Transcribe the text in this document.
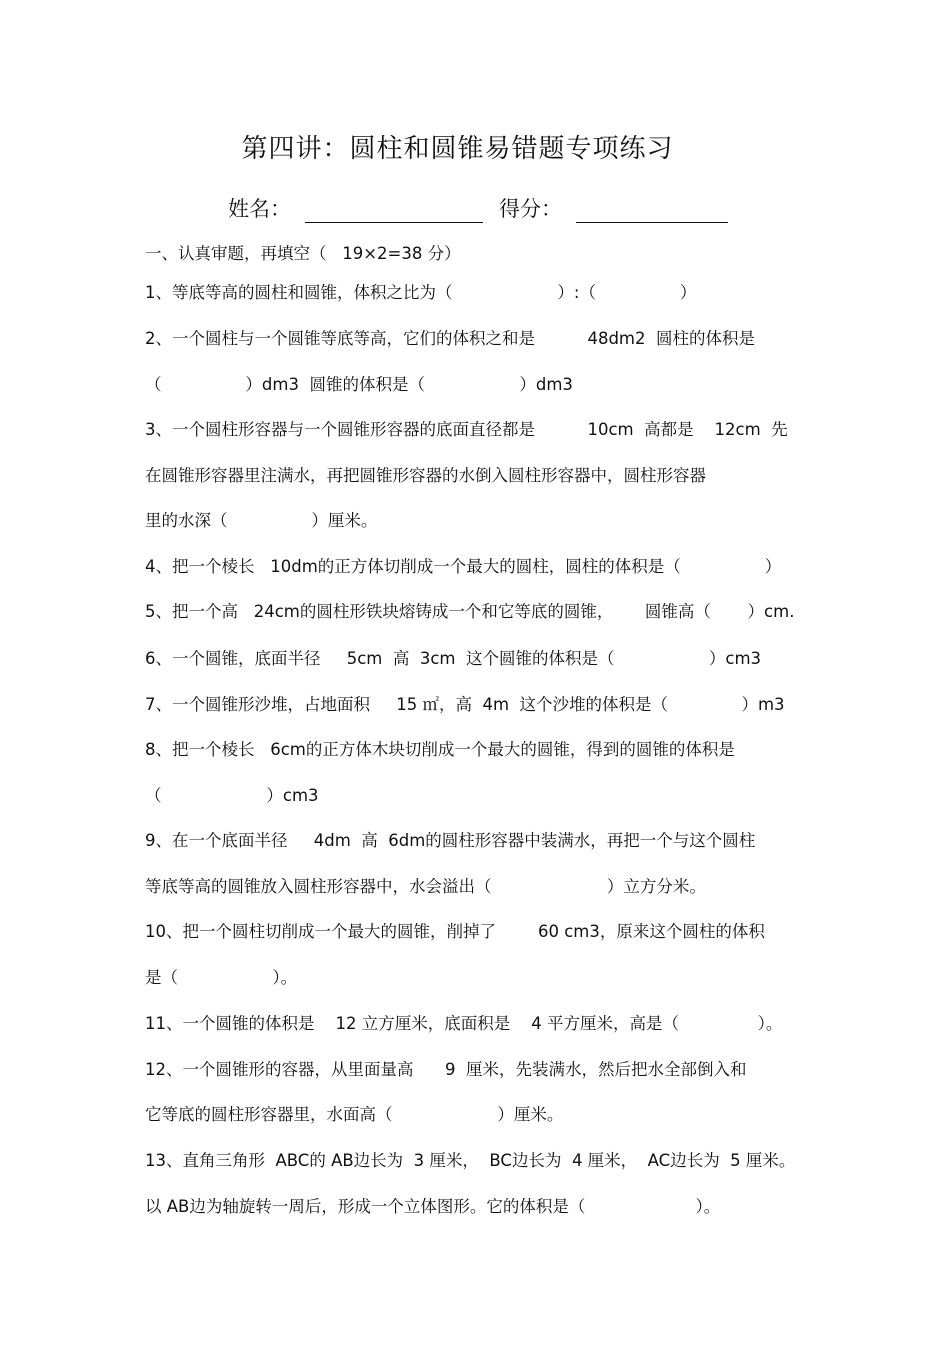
第四讲：圆柱和圆锥易错题专项练习
姓名：	得分：
一、认真审题，再填空（   19×2=38 分）
1、等底等高的圆柱和圆锥，体积之比为（                    ）:（                ）
2、一个圆柱与一个圆锥等底等高，它们的体积之和是          48dm2  圆柱的体积是
（                ）dm3  圆锥的体积是（                  ）dm3
3、一个圆柱形容器与一个圆锥形容器的底面直径都是          10cm  高都是    12cm  先
在圆锥形容器里注满水，再把圆锥形容器的水倒入圆柱形容器中，圆柱形容器
里的水深（                ）厘米。
4、把一个棱长   10dm的正方体切削成一个最大的圆柱，圆柱的体积是（                ）
5、把一个高   24cm的圆柱形铁块熔铸成一个和它等底的圆锥，      圆锥高（       ）cm.
6、一个圆锥，底面半径     5cm  高  3cm  这个圆锥的体积是（                  ）cm3
7、一个圆锥形沙堆，占地面积     15 ㎡，高  4m  这个沙堆的体积是（              ）m3
8、把一个棱长   6cm的正方体木块切削成一个最大的圆锥，得到的圆锥的体积是
（                    ）cm3
9、在一个底面半径     4dm  高  6dm的圆柱形容器中装满水，再把一个与这个圆柱
等底等高的圆锥放入圆柱形容器中，水会溢出（                      ）立方分米。
10、把一个圆柱切削成一个最大的圆锥，削掉了        60 cm3，原来这个圆柱的体积
是（                  ）。
11、一个圆锥的体积是    12 立方厘米，底面积是    4 平方厘米，高是（               ）。
12、一个圆锥形的容器，从里面量高      9  厘米，先装满水，然后把水全部倒入和
它等底的圆柱形容器里，水面高（                    ）厘米。
13、直角三角形  ABC的 AB边长为  3 厘米，  BC边长为  4 厘米，  AC边长为  5 厘米。
以 AB边为轴旋转一周后，形成一个立体图形。它的体积是（                     ）。
